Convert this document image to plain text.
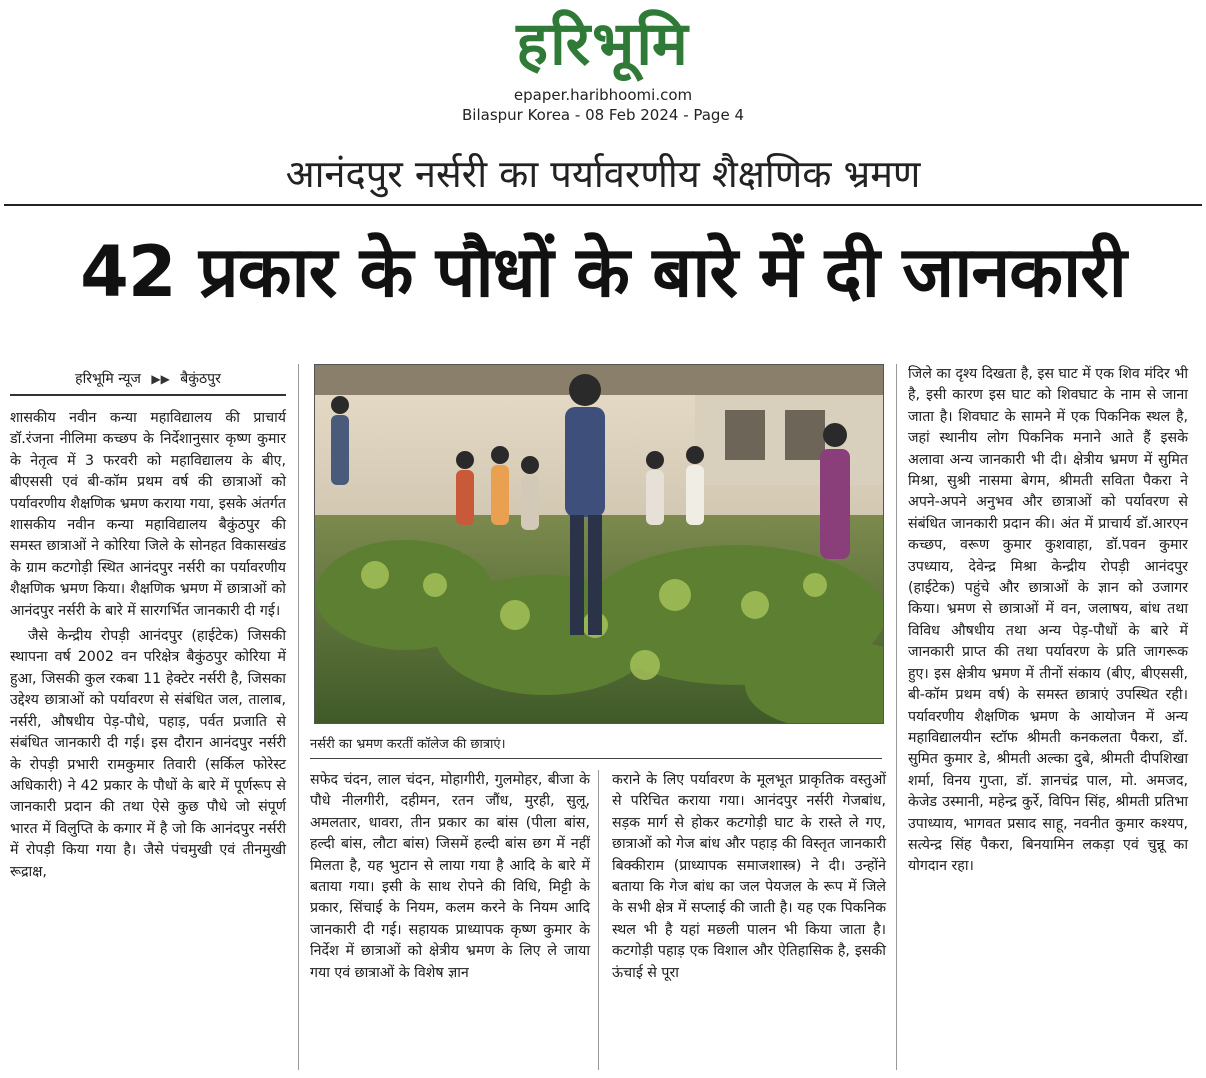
हरिभूमि
epaper.haribhoomi.com
Bilaspur Korea - 08 Feb 2024 - Page 4
आनंदपुर नर्सरी का पर्यावरणीय शैक्षणिक भ्रमण
42 प्रकार के पौधों के बारे में दी जानकारी
हरिभूमि न्यूज ▶▶ बैकुंठपुर

शासकीय नवीन कन्या महाविद्यालय की प्राचार्य डॉ.रंजना नीलिमा कच्छप के निर्देशानुसार कृष्ण कुमार के नेतृत्व में 3 फरवरी को महाविद्यालय के बीए, बीएससी एवं बी-कॉम प्रथम वर्ष की छात्राओं को पर्यावरणीय शैक्षणिक भ्रमण कराया गया, इसके अंतर्गत शासकीय नवीन कन्या महाविद्यालय बैकुंठपुर की समस्त छात्राओं ने कोरिया जिले के सोनहत विकासखंड के ग्राम कटगोड़ी स्थित आनंदपुर नर्सरी का पर्यावरणीय शैक्षणिक भ्रमण किया। शैक्षणिक भ्रमण में छात्राओं को आनंदपुर नर्सरी के बारे में सारगर्भित जानकारी दी गई।

जैसे केन्द्रीय रोपड़ी आनंदपुर (हाईटेक) जिसकी स्थापना वर्ष 2002 वन परिक्षेत्र बैकुंठपुर कोरिया में हुआ, जिसकी कुल रकबा 11 हेक्टेर नर्सरी है, जिसका उद्देश्य छात्राओं को पर्यावरण से संबंधित जल, तालाब, नर्सरी, औषधीय पेड़-पौधे, पहाड़, पर्वत प्रजाति से संबंधित जानकारी दी गई। इस दौरान आनंदपुर नर्सरी के रोपड़ी प्रभारी रामकुमार तिवारी (सर्किल फोरेस्ट अधिकारी) ने 42 प्रकार के पौधों के बारे में पूर्णरूप से जानकारी प्रदान की तथा ऐसे कुछ पौधे जो संपूर्ण भारत में विलुप्ति के कगार में है जो कि आनंदपुर नर्सरी में रोपड़ी किया गया है। जैसे पंचमुखी एवं तीनमुखी रूद्राक्ष,

नर्सरी का भ्रमण करतीं कॉलेज की छात्राएं।

सफेद चंदन, लाल चंदन, मोहागीरी, गुलमोहर, बीजा के पौधे नीलगीरी, दहीमन, रतन जौंध, मुरही, सुलू, अमलतार, धावरा, तीन प्रकार का बांस (पीला बांस, हल्दी बांस, लौटा बांस) जिसमें हल्दी बांस छग में नहीं मिलता है, यह भुटान से लाया गया है आदि के बारे में बताया गया। इसी के साथ रोपने की विधि, मिट्टी के प्रकार, सिंचाई के नियम, कलम करने के नियम आदि जानकारी दी गई। सहायक प्राध्यापक कृष्ण कुमार के निर्देश में छात्राओं को क्षेत्रीय भ्रमण के लिए ले जाया गया एवं छात्राओं के विशेष ज्ञान

कराने के लिए पर्यावरण के मूलभूत प्राकृतिक वस्तुओं से परिचित कराया गया। आनंदपुर नर्सरी गेजबांध, सड़क मार्ग से होकर कटगोड़ी घाट के रास्ते ले गए, छात्राओं को गेज बांध और पहाड़ की विस्तृत जानकारी बिक्कीराम (प्राध्यापक समाजशास्त्र) ने दी। उन्होंने बताया कि गेज बांध का जल पेयजल के रूप में जिले के सभी क्षेत्र में सप्लाई की जाती है। यह एक पिकनिक स्थल भी है यहां मछली पालन भी किया जाता है। कटगोड़ी पहाड़ एक विशाल और ऐतिहासिक है, इसकी ऊंचाई से पूरा

जिले का दृश्य दिखता है, इस घाट में एक शिव मंदिर भी है, इसी कारण इस घाट को शिवघाट के नाम से जाना जाता है। शिवघाट के सामने में एक पिकनिक स्थल है, जहां स्थानीय लोग पिकनिक मनाने आते हैं इसके अलावा अन्य जानकारी भी दी। क्षेत्रीय भ्रमण में सुमित मिश्रा, सुश्री नासमा बेगम, श्रीमती सविता पैकरा ने अपने-अपने अनुभव और छात्राओं को पर्यावरण से संबंधित जानकारी प्रदान की। अंत में प्राचार्य डॉ.आरएन कच्छप, वरूण कुमार कुशवाहा, डॉ.पवन कुमार उपध्याय, देवेन्द्र मिश्रा केन्द्रीय रोपड़ी आनंदपुर (हाईटेक) पहुंचे और छात्राओं के ज्ञान को उजागर किया। भ्रमण से छात्राओं में वन, जलाषय, बांध तथा विविध औषधीय तथा अन्य पेड़-पौधों के बारे में जानकारी प्राप्त की तथा पर्यावरण के प्रति जागरूक हुए। इस क्षेत्रीय भ्रमण में तीनों संकाय (बीए, बीएससी, बी-कॉम प्रथम वर्ष) के समस्त छात्राएं उपस्थित रही। पर्यावरणीय शैक्षणिक भ्रमण के आयोजन में अन्य महाविद्यालयीन स्टॉफ श्रीमती कनकलता पैकरा, डॉ. सुमित कुमार डे, श्रीमती अल्का दुबे, श्रीमती दीपशिखा शर्मा, विनय गुप्ता, डॉ. ज्ञानचंद्र पाल, मो. अमजद, केजेड उस्मानी, महेन्द्र कुर्रे, विपिन सिंह, श्रीमती प्रतिभा उपाध्याय, भागवत प्रसाद साहू, नवनीत कुमार कश्यप, सत्येन्द्र सिंह पैकरा, बिनयामिन लकड़ा एवं चुन्नू का योगदान रहा।
